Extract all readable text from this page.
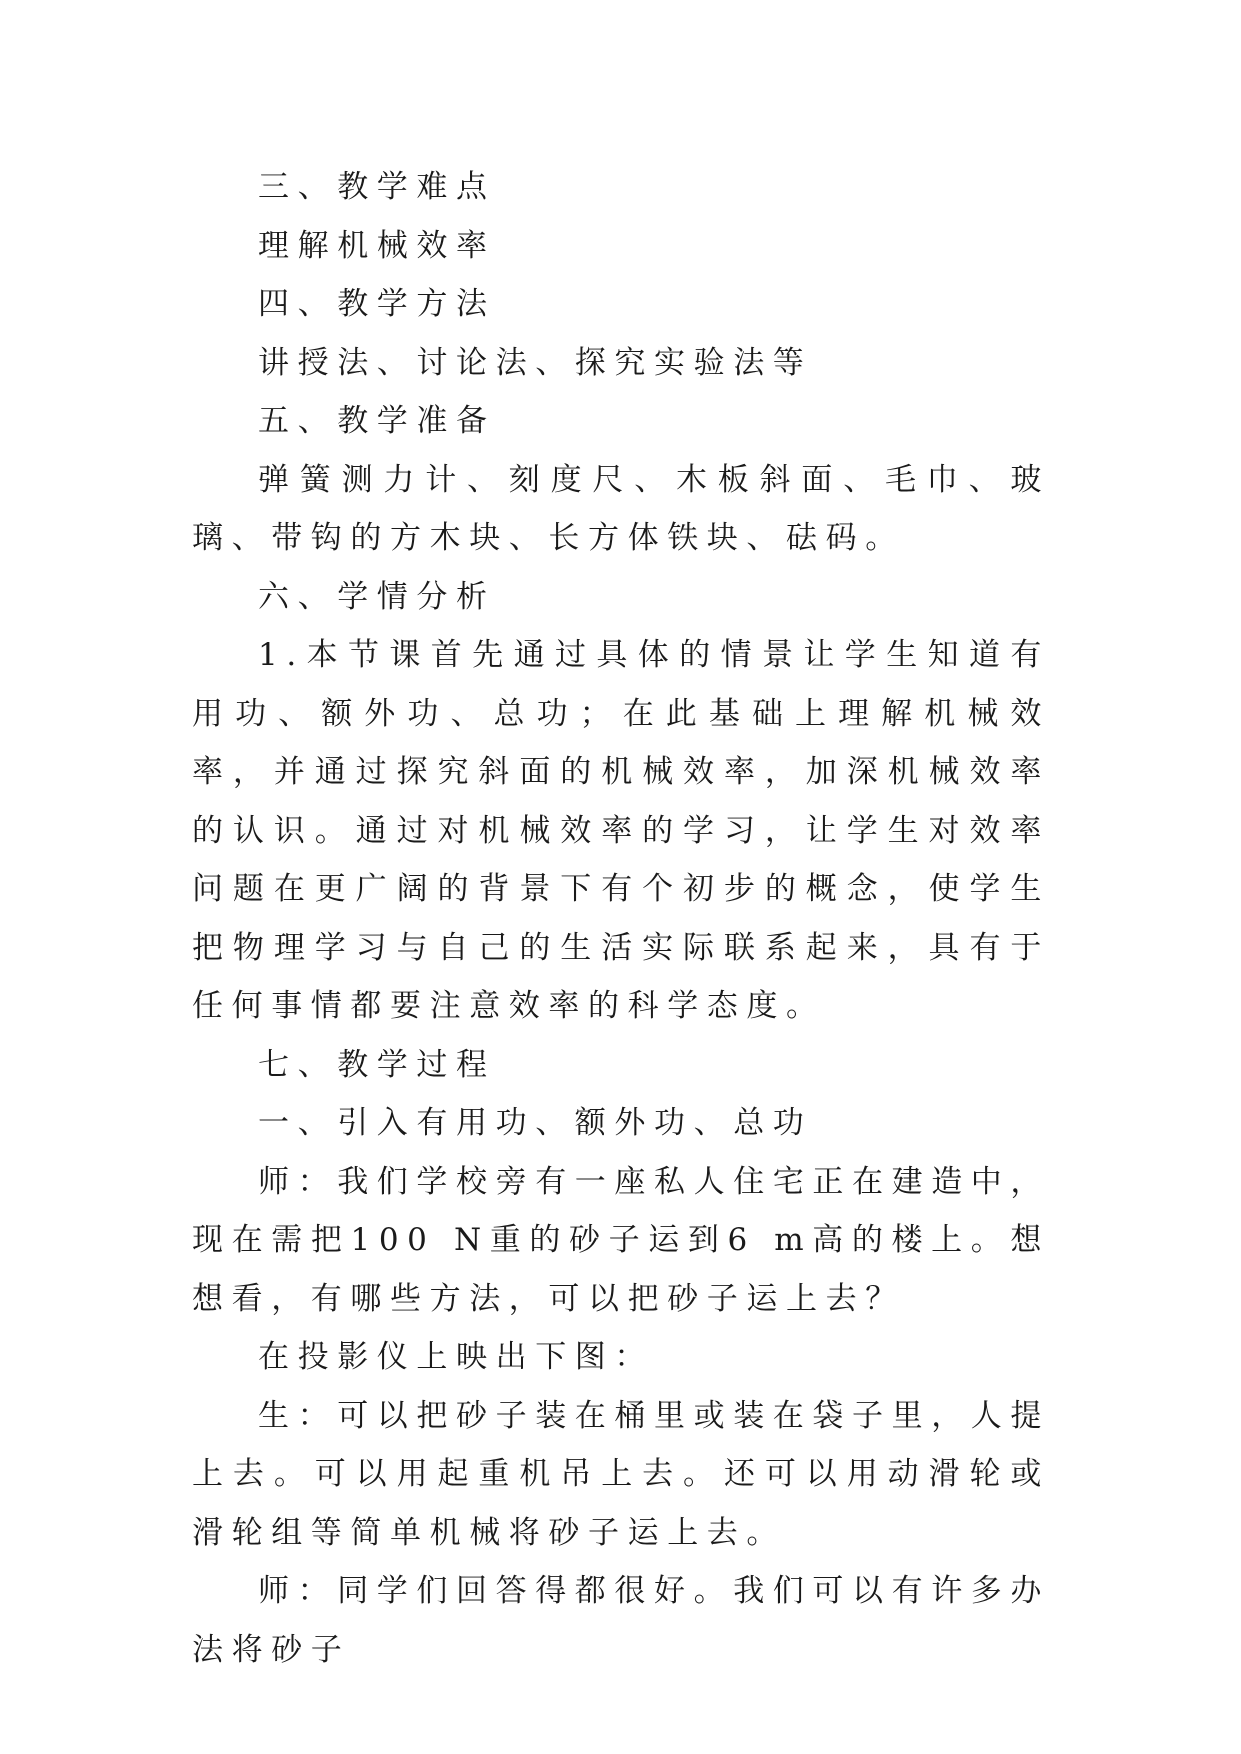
三、教学难点

理解机械效率

四、教学方法

讲授法、讨论法、探究实验法等

五、教学准备

弹簧测力计、刻度尺、木板斜面、毛巾、玻璃、带钩的方木块、长方体铁块、砝码。

六、学情分析

1.本节课首先通过具体的情景让学生知道有用功、额外功、总功；在此基础上理解机械效率，并通过探究斜面的机械效率，加深机械效率的认识。通过对机械效率的学习，让学生对效率问题在更广阔的背景下有个初步的概念，使学生把物理学习与自己的生活实际联系起来，具有于任何事情都要注意效率的科学态度。

七、教学过程

一、引入有用功、额外功、总功

师：我们学校旁有一座私人住宅正在建造中，现在需把100 N重的砂子运到6 m高的楼上。想想看，有哪些方法，可以把砂子运上去？

在投影仪上映出下图：

生：可以把砂子装在桶里或装在袋子里，人提上去。可以用起重机吊上去。还可以用动滑轮或滑轮组等简单机械将砂子运上去。

师：同学们回答得都很好。我们可以有许多办法将砂子
